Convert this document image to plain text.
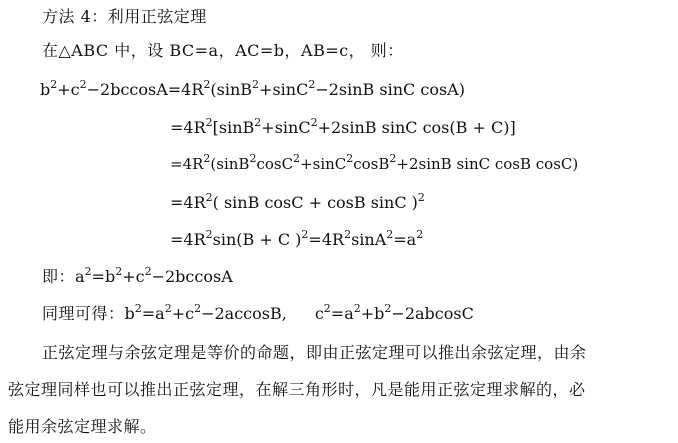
方法 4：利用正弦定理
在△ABC 中，设 BC=a，AC=b，AB=c， 则：
$b^2+c^2-2bccosA=4R^2(\sin B^2+\sin C^2-2\sin B$ sinC cosA)
$=4R^2[\sin B^2+\sin C^2+2\sin B$ sinC cos(B + C)]
$=4R^2(\sin B^2\cos C^2+\sin C^2\cos B^2+2\sin B$ sinC cosB cosC)
$=4R^2$( sinB cosC + cosB sinC )$^2$
$=4R^2\sin(B + C$ )$^2=4R^2\sin A^2=a^2$
即：$a^2=b^2+c^2-2bccosA$
同理可得：$b^2=a^2+c^2-2accosB$, $c^2=a^2+b^2-2abcosC$
正弦定理与余弦定理是等价的命题，即由正弦定理可以推出余弦定理，由余
弦定理同样也可以推出正弦定理，在解三角形时，凡是能用正弦定理求解的，必
能用余弦定理求解。
